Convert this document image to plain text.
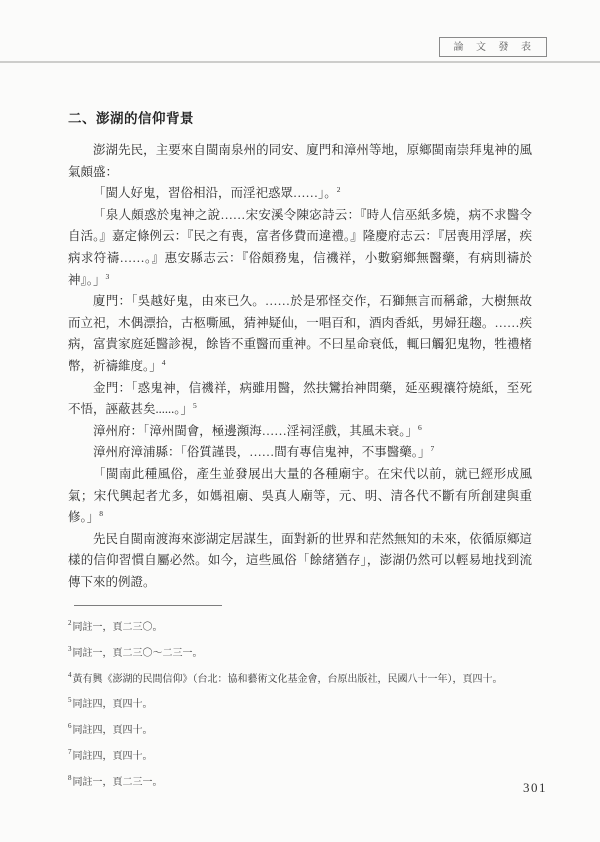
論 文 發 表
二、澎湖的信仰背景

澎湖先民，主要來自閩南泉州的同安、廈門和漳州等地，原鄉閩南崇拜鬼神的風氣頗盛：

「閩人好鬼，習俗相沿，而淫祀惑眾……」。$^2$

「泉人頗惑於鬼神之說……宋安溪令陳宓詩云：『時人信巫紙多燒，病不求醫令自活。』嘉定條例云：『民之有喪，富者侈費而違禮。』隆慶府志云：『居喪用浮屠，疾病求符禱……。』惠安縣志云：『俗頗務鬼，信禨祥，小數窮鄉無醫藥，有病則禱於神』。」$^3$

廈門：「吳越好鬼，由來已久。……於是邪怪交作，石獅無言而稱爺，大樹無故而立祀，木偶漂拾，古柩嘶風，猜神疑仙，一唱百和，酒肉香紙，男婦狂趨。……疾病，富貴家庭延醫診視，餘皆不重醫而重神。不曰星命衰低，輒曰觸犯鬼物，牲禮楮幣，祈禱維度。」$^4$

金門：「惑鬼神，信禨祥，病雖用醫，然扶鸞抬神問藥，延巫覡禳符燒紙，至死不悟，誣蔽甚矣......。」$^5$

漳州府：「漳州閩會，極邊瀕海……淫祠淫戲，其風未衰。」$^6$

漳州府漳浦縣：「俗質謹畏，……間有專信鬼神，不事醫藥。」$^7$

「閩南此種風俗，產生並發展出大量的各種廟宇。在宋代以前，就已經形成風氣；宋代興起者尤多，如媽祖廟、吳真人廟等，元、明、清各代不斷有所創建與重修。」$^8$

先民自閩南渡海來澎湖定居謀生，面對新的世界和茫然無知的未來，依循原鄉這樣的信仰習慣自屬必然。如今，這些風俗「餘緒猶存」，澎湖仍然可以輕易地找到流傳下來的例證。

$^2$同註一，頁二三〇。
$^3$同註一，頁二三〇～二三一。
$^4$黃有興《澎湖的民間信仰》（台北：協和藝術文化基金會，台原出版社，民國八十一年），頁四十。
$^5$同註四，頁四十。
$^6$同註四，頁四十。
$^7$同註四，頁四十。
$^8$同註一，頁二三一。	301
